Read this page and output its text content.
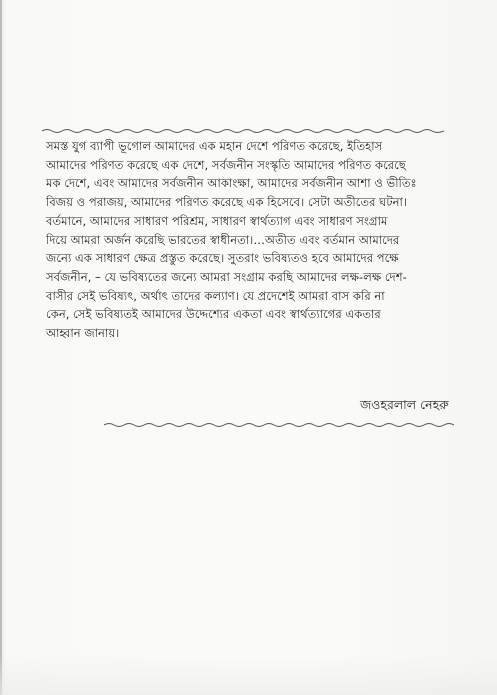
সমস্ত যুগ ব্যাপী ভূগোল আমাদের এক মহান দেশে পরিণত করেছে, ইতিহাস
আমাদের পরিণত করেছে এক দেশে, সর্বজনীন সংস্কৃতি আমাদের পরিণত করেছে
মক দেশে, এবং আমাদের সর্বজনীন আকাংক্ষা, আমাদের সর্বজনীন আশা ও ভীতিঃ
বিজয় ও পরাজয়, আমাদের পরিণত করেছে এক হিসেবে। সেটা অতীতের ঘটনা।
বর্তমানে, আমাদের সাধারণ পরিশ্রম, সাধারণ স্বার্থত্যাগ এবং সাধারণ সংগ্রাম
দিয়ে আমরা অর্জন করেছি ভারতের স্বাধীনতা।…অতীত এবং বর্তমান আমাদের
জন্যে এক সাধারণ ক্ষেত্র প্রস্তুত করেছে। সুতরাং ভবিষ্যতও হবে আমাদের পক্ষে
সর্বজনীন, – যে ভবিষ্যতের জন্যে আমরা সংগ্রাম করছি আমাদের লক্ষ-লক্ষ দেশ-
বাসীর সেই ভবিষ্যৎ, অর্থাৎ তাদের কল্যাণ। যে প্রদেশেই আমরা বাস করি না
কেন, সেই ভবিষ্যতই আমাদের উদ্দেশ্যের একতা এবং স্বার্থত্যাগের একতার
আহ্বান জানায়।
জওহরলাল নেহরু
